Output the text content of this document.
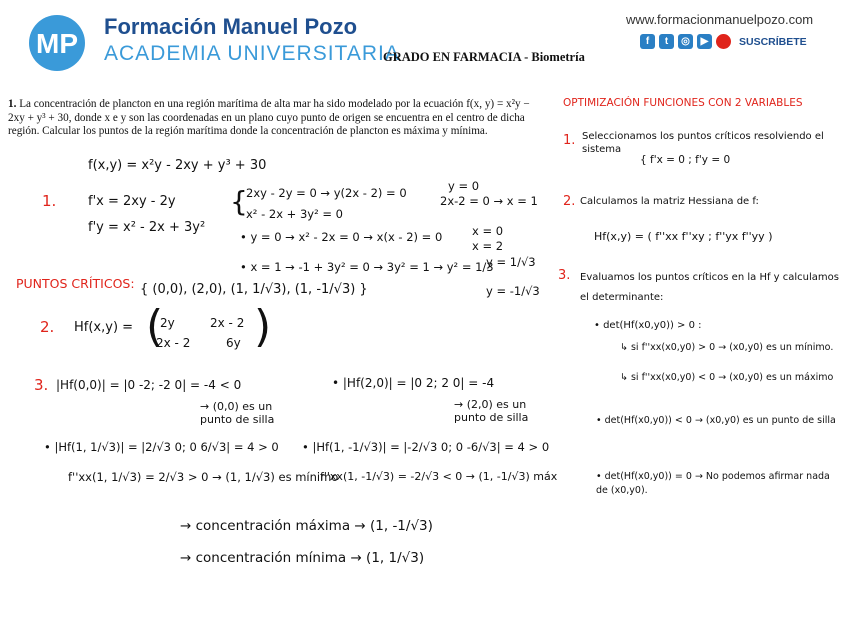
MP
Formación Manuel Pozo
ACADEMIA UNIVERSITARIA
GRADO EN FARMACIA - Biometría
www.formacionmanuelpozo.com
f	t	◎	▶	SUSCRÍBETE
1. La concentración de plancton en una región marítima de alta mar ha sido modelado por la ecuación f(x, y) = x²y − 2xy + y³ + 30, donde x e y son las coordenadas en un plano cuyo punto de origen se encuentra en el centro de dicha región. Calcular los puntos de la región marítima donde la concentración de plancton es máxima y mínima.
f(x,y) = x²y - 2xy + y³ + 30
1. f'x = 2xy - 2y
f'y = x² - 2x + 3y²
{
2xy - 2y = 0 → y(2x - 2) = 0	y = 0
2x-2 = 0 → x = 1
x² - 2x + 3y² = 0
• y = 0 → x² - 2x = 0 → x(x - 2) = 0	x = 0
x = 2
• x = 1 → -1 + 3y² = 0 → 3y² = 1 → y² = 1/3
y = 1/√3
y = -1/√3
PUNTOS CRÍTICOS: { (0,0), (2,0), (1, 1/√3), (1, -1/√3) }
2. Hf(x,y) = (
2y	2x - 2
2x - 2	6y )
3. |Hf(0,0)| = |0 -2; -2 0| = -4 < 0
→ (0,0) es un punto de silla
• |Hf(2,0)| = |0 2; 2 0| = -4
→ (2,0) es un punto de silla
• |Hf(1, 1/√3)| = |2/√3 0; 0 6/√3| = 4 > 0
f''xx(1, 1/√3) = 2/√3 > 0 → (1, 1/√3) es mínimo
• |Hf(1, -1/√3)| = |-2/√3 0; 0 -6/√3| = 4 > 0
f''xx(1, -1/√3) = -2/√3 < 0 → (1, -1/√3) máx
→ concentración máxima → (1, -1/√3)
→ concentración mínima → (1, 1/√3)
OPTIMIZACIÓN FUNCIONES CON 2 VARIABLES
1. Seleccionamos los puntos críticos resolviendo el sistema
{ f'x = 0 ; f'y = 0
2. Calculamos la matriz Hessiana de f:
Hf(x,y) = ( f''xx f''xy ; f''yx f''yy )
3. Evaluamos los puntos críticos en la Hf y calculamos el determinante:
• det(Hf(x0,y0)) > 0 :
↳ si f''xx(x0,y0) > 0 → (x0,y0) es un mínimo.
↳ si f''xx(x0,y0) < 0 → (x0,y0) es un máximo
• det(Hf(x0,y0)) < 0 → (x0,y0) es un punto de silla
• det(Hf(x0,y0)) = 0 → No podemos afirmar nada de (x0,y0).
